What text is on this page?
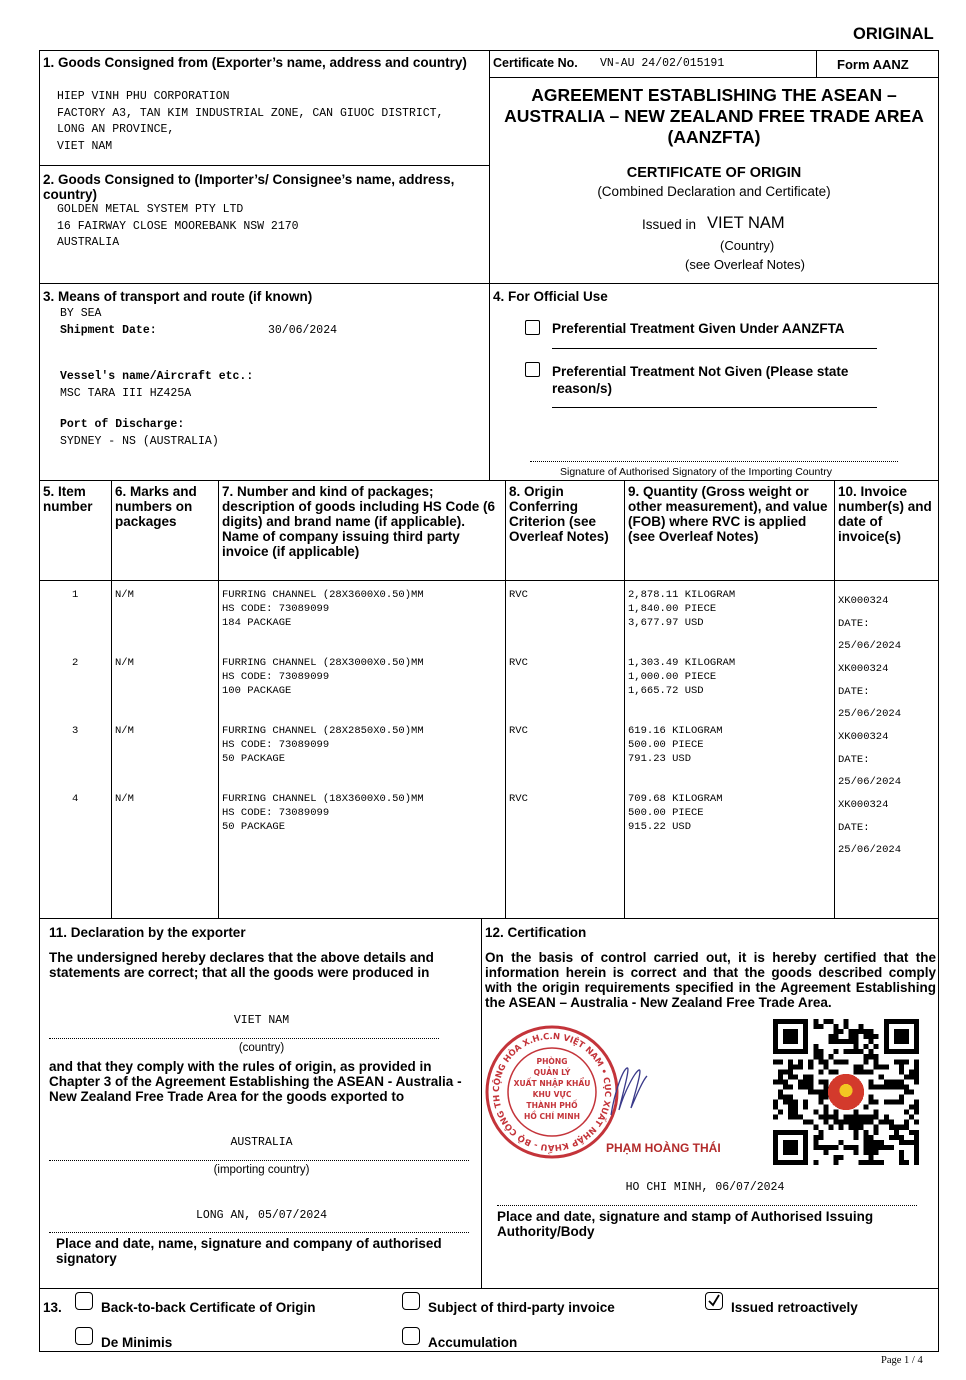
ORIGINAL
1. Goods Consigned from (Exporter’s name, address and country)
HIEP VINH PHU CORPORATION
FACTORY A3, TAN KIM INDUSTRIAL ZONE, CAN GIUOC DISTRICT,
LONG AN PROVINCE,
VIET NAM
2. Goods Consigned to (Importer’s/ Consignee’s name, address, country)
GOLDEN METAL SYSTEM PTY LTD
16 FAIRWAY CLOSE MOOREBANK NSW 2170
AUSTRALIA
Certificate No. VN-AU 24/02/015191	Form AANZ
AGREEMENT ESTABLISHING THE ASEAN – AUSTRALIA – NEW ZEALAND FREE TRADE AREA (AANZFTA)
CERTIFICATE OF ORIGIN
(Combined Declaration and Certificate)
Issued in VIET NAM
(Country)
(see Overleaf Notes)
3. Means of transport and route (if known)
BY SEA
Shipment Date:	30/06/2024
Vessel's name/Aircraft etc.:
MSC TARA III HZ425A
Port of Discharge:
SYDNEY - NS (AUSTRALIA)
4. For Official Use
Preferential Treatment Given Under AANZFTA
Preferential Treatment Not Given (Please state reason/s)
Signature of Authorised Signatory of the Importing Country
5. Item number
6. Marks and numbers on packages
7. Number and kind of packages; description of goods including HS Code (6 digits) and brand name (if applicable). Name of company issuing third party invoice (if applicable)
8. Origin Conferring Criterion (see Overleaf Notes)
9. Quantity (Gross weight or other measurement), and value (FOB) where RVC is applied (see Overleaf Notes)
10. Invoice number(s) and date of invoice(s)
1	N/M	FURRING CHANNEL (28X3600X0.50)MM
HS CODE: 73089099
184 PACKAGE
RVC	2,878.11 KILOGRAM
1,840.00 PIECE
3,677.97 USD
XK000324
DATE:
25/06/2024
2	N/M	FURRING CHANNEL (28X3000X0.50)MM
HS CODE: 73089099
100 PACKAGE
RVC	1,303.49 KILOGRAM
1,000.00 PIECE
1,665.72 USD
XK000324
DATE:
25/06/2024
3	N/M	FURRING CHANNEL (28X2850X0.50)MM
HS CODE: 73089099
50 PACKAGE
RVC	619.16 KILOGRAM
500.00 PIECE
791.23 USD
XK000324
DATE:
25/06/2024
4	N/M	FURRING CHANNEL (18X3600X0.50)MM
HS CODE: 73089099
50 PACKAGE
RVC	709.68 KILOGRAM
500.00 PIECE
915.22 USD
XK000324
DATE:
25/06/2024
11. Declaration by the exporter
The undersigned hereby declares that the above details and statements are correct; that all the goods were produced in
VIET NAM
(country)
and that they comply with the rules of origin, as provided in Chapter 3 of the Agreement Establishing the ASEAN - Australia - New Zealand Free Trade Area for the goods exported to
AUSTRALIA
(importing country)
LONG AN, 05/07/2024
Place and date, name, signature and company of authorised signatory
12. Certification
On the basis of control carried out, it is hereby certified that the information herein is correct and that the goods described comply with the origin requirements specified in the Agreement Establishing the ASEAN – Australia - New Zealand Free Trade Area.
CỘNG HÒA X.H.C.N VIỆT NAM • CỤC XUẤT NHẬP KHẨU - BỘ CÔNG TH
PHÒNG
QUẢN LÝ
XUẤT NHẬP KHẨU
KHU VỰC
THÀNH PHỐ
HỒ CHÍ MINH
PHẠM HOÀNG THÁI
HO CHI MINH, 06/07/2024
Place and date, signature and stamp of Authorised Issuing Authority/Body
13.	Back-to-back Certificate of Origin	Subject of third-party invoice	Issued retroactively
De Minimis	Accumulation
Page 1 / 4
